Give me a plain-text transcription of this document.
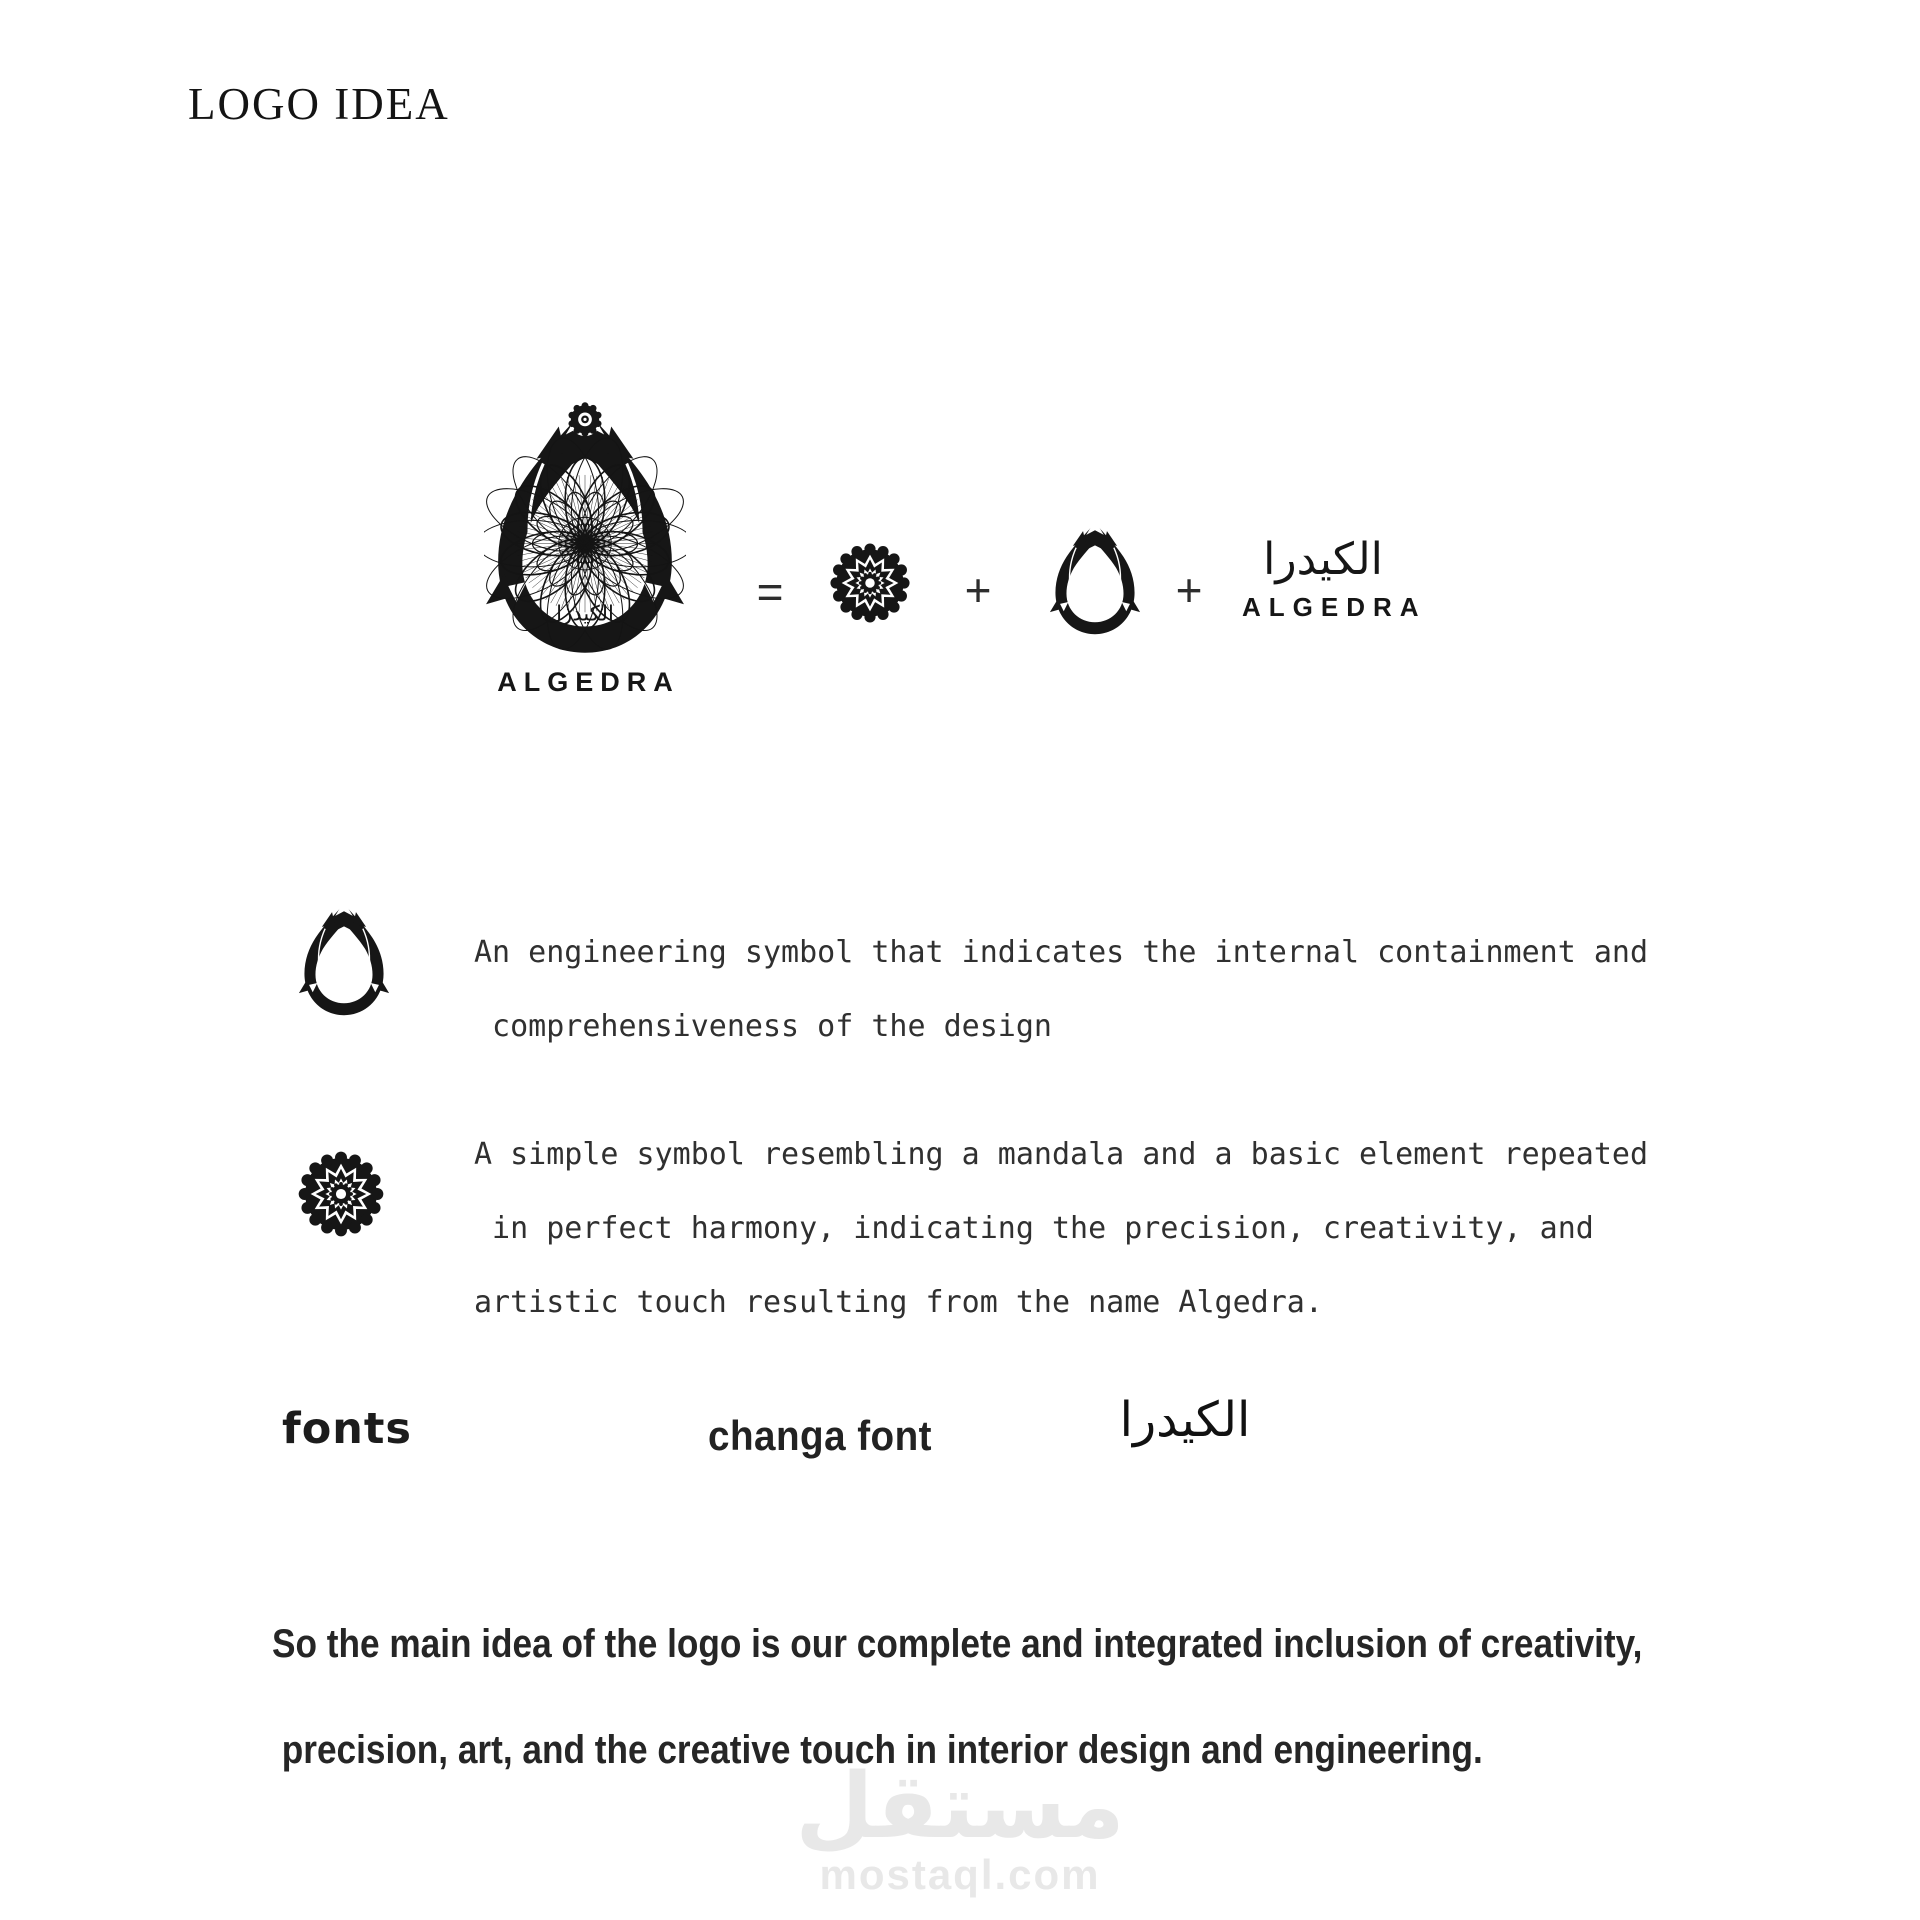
LOGO IDEA
الكيدرا
ALGEDRA
=	+	+
الكيدرا
ALGEDRA

An engineering symbol that indicates the internal containment and

comprehensiveness of the design

A simple symbol resembling a mandala and a basic element repeated

in perfect harmony, indicating the precision, creativity, and

artistic touch resulting from the name Algedra.

fonts	changa font	الكيدرا

So the main idea of the logo is our complete and integrated inclusion of creativity,

precision, art, and the creative touch in interior design and engineering.

مستقل
mostaql.com
